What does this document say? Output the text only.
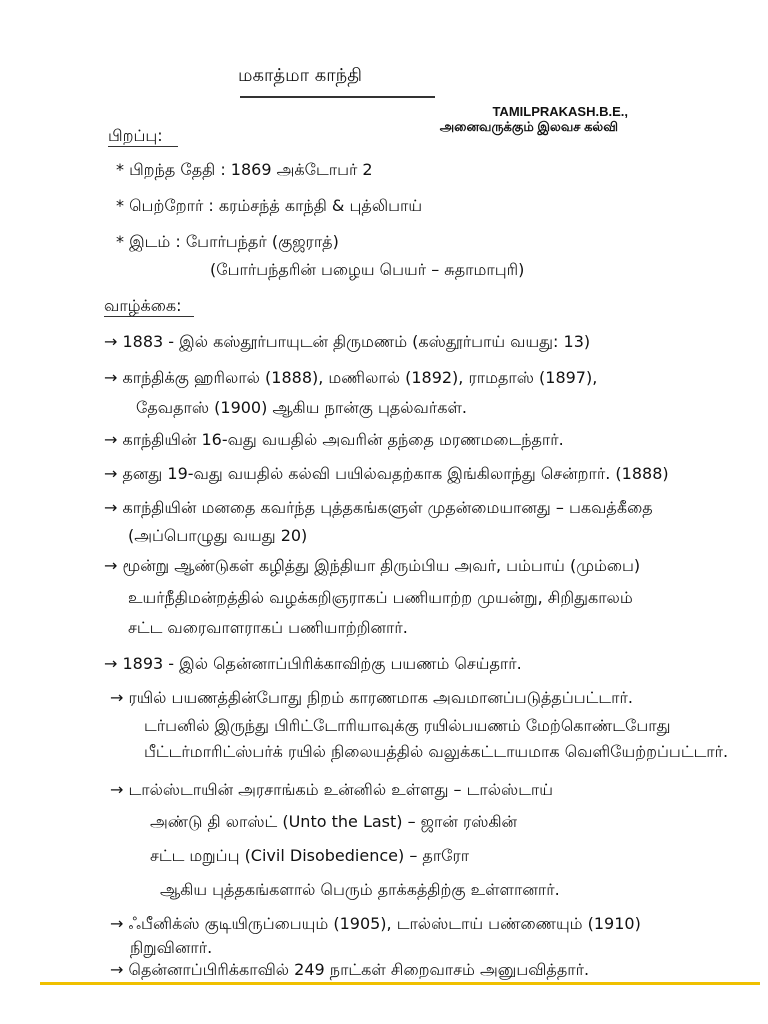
மகாத்மா காந்தி
TAMILPRAKASH.B.E.,
அனைவருக்கும் இலவச கல்வி
பிறப்பு:
* பிறந்த தேதி : 1869 அக்டோபர் 2
* பெற்றோர் : கரம்சந்த் காந்தி & புத்லிபாய்
* இடம் : போர்பந்தர் (குஜராத்)
(போர்பந்தரின் பழைய பெயர் – சுதாமாபுரி)
வாழ்க்கை:
→ 1883 - இல் கஸ்தூர்பாயுடன் திருமணம் (கஸ்தூர்பாய் வயது: 13)
→ காந்திக்கு ஹரிலால் (1888), மணிலால் (1892), ராமதாஸ் (1897),
தேவதாஸ் (1900) ஆகிய நான்கு புதல்வர்கள்.
→ காந்தியின் 16-வது வயதில் அவரின் தந்தை மரணமடைந்தார்.
→ தனது 19-வது வயதில் கல்வி பயில்வதற்காக இங்கிலாந்து சென்றார். (1888)
→ காந்தியின் மனதை கவர்ந்த புத்தகங்களுள் முதன்மையானது – பகவத்கீதை
(அப்பொழுது வயது 20)
→ மூன்று ஆண்டுகள் கழித்து இந்தியா திரும்பிய அவர், பம்பாய் (மும்பை)
உயர்நீதிமன்றத்தில் வழக்கறிஞராகப் பணியாற்ற முயன்று, சிறிதுகாலம்
சட்ட வரைவாளராகப் பணியாற்றினார்.
→ 1893 - இல் தென்னாப்பிரிக்காவிற்கு பயணம் செய்தார்.
→ ரயில் பயணத்தின்போது நிறம் காரணமாக அவமானப்படுத்தப்பட்டார்.
டர்பனில் இருந்து பிரிட்டோரியாவுக்கு ரயில்பயணம் மேற்கொண்டபோது
பீட்டர்மாரிட்ஸ்பர்க் ரயில் நிலையத்தில் வலுக்கட்டாயமாக வெளியேற்றப்பட்டார்.
→ டால்ஸ்டாயின் அரசாங்கம் உன்னில் உள்ளது – டால்ஸ்டாய்
அண்டு தி லாஸ்ட் (Unto the Last) – ஜான் ரஸ்கின்
சட்ட மறுப்பு (Civil Disobedience) – தாரோ
ஆகிய புத்தகங்களால் பெரும் தாக்கத்திற்கு உள்ளானார்.
→ ஃபீனிக்ஸ் குடியிருப்பையும் (1905), டால்ஸ்டாய் பண்ணையும் (1910)
நிறுவினார்.
→ தென்னாப்பிரிக்காவில் 249 நாட்கள் சிறைவாசம் அனுபவித்தார்.
